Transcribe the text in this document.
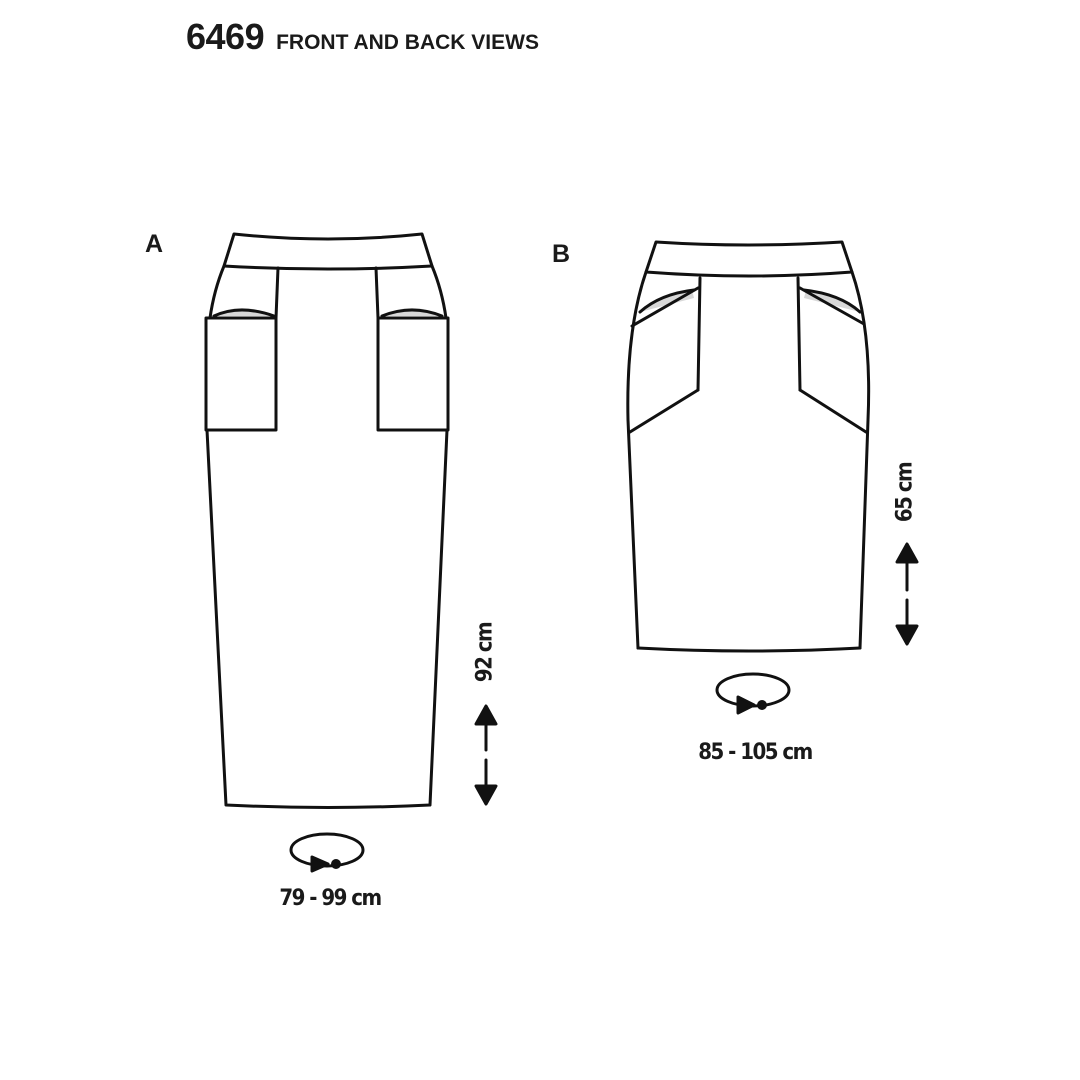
6469 FRONT AND BACK VIEWS
A	B
92 cm
65 cm
79 - 99 cm
85 - 105 cm
